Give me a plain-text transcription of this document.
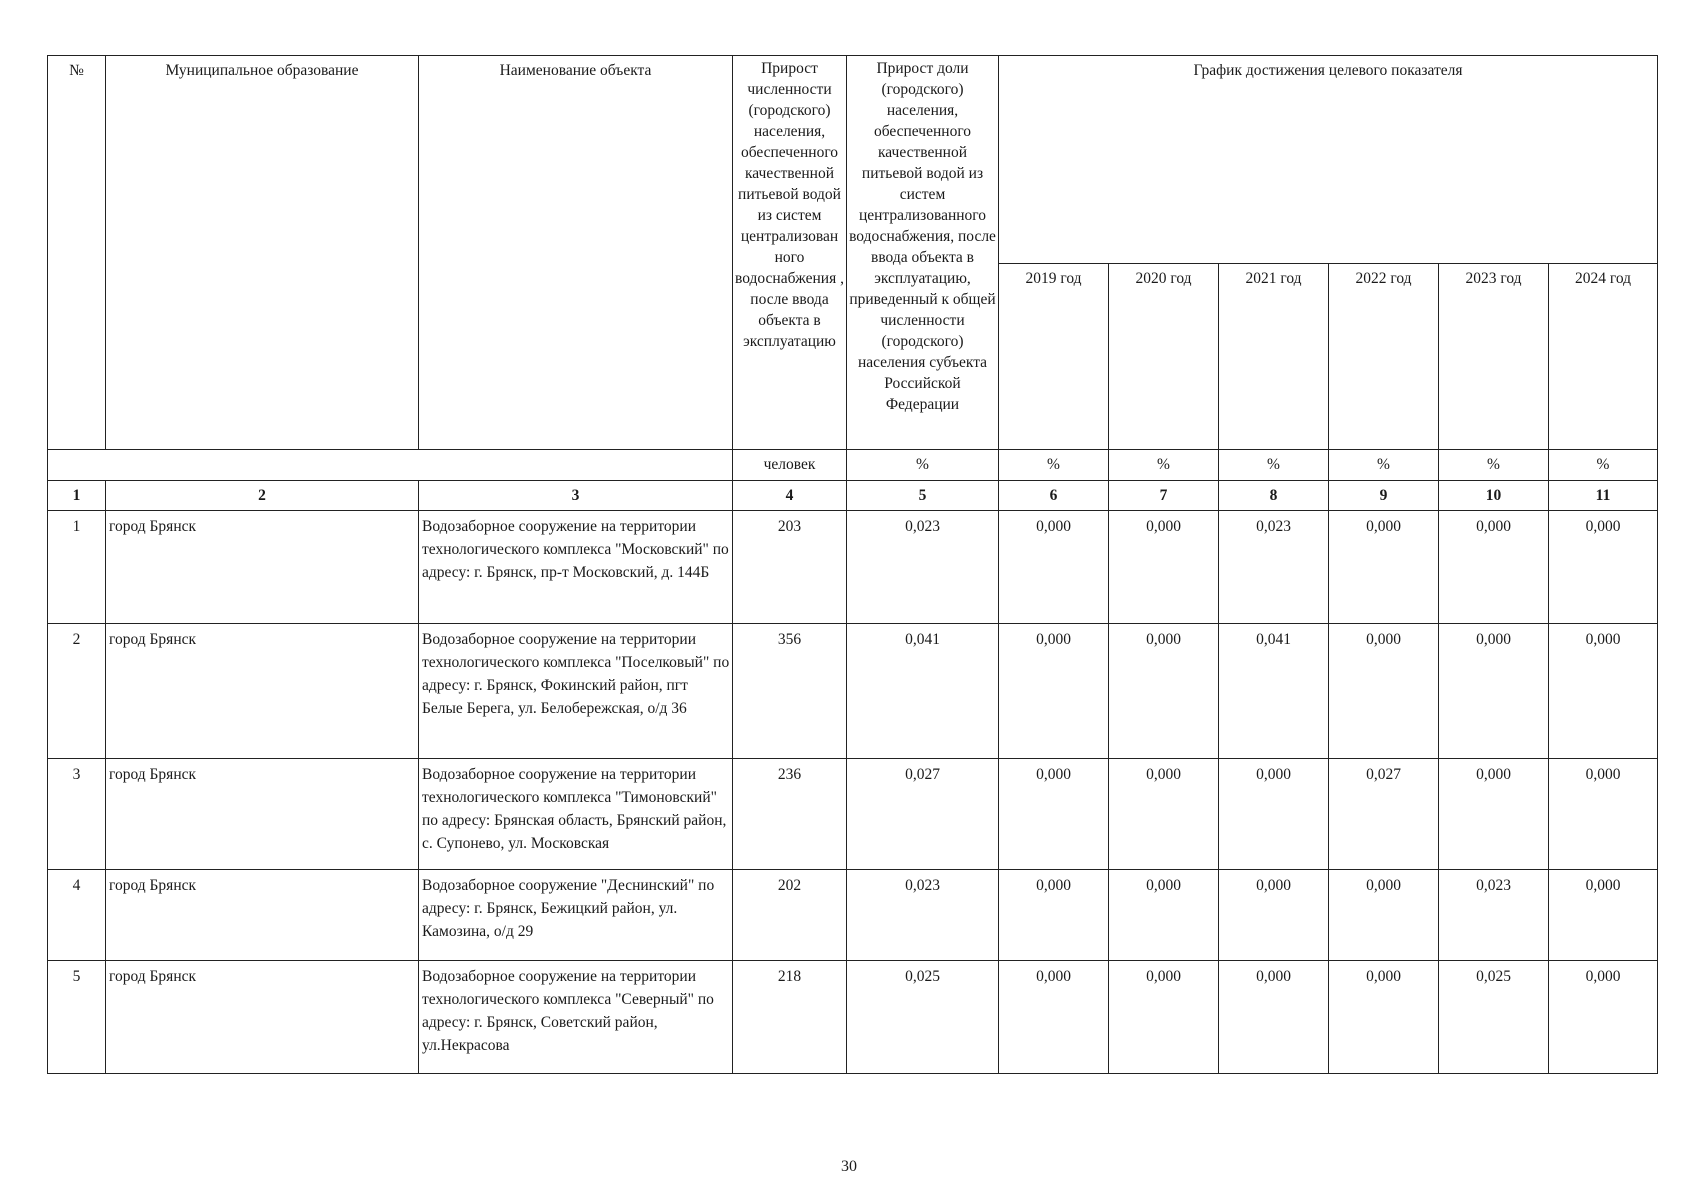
№	Муниципальное образование	Наименование объекта	Прирост численности (городского) населения, обеспеченного качественной питьевой водой из систем централизован ного водоснабжения , после ввода объекта в эксплуатацию	Прирост доли (городского) населения, обеспеченного качественной питьевой водой из систем централизованного водоснабжения, после ввода объекта в эксплуатацию, приведенный к общей численности (городского) населения субъекта Российской Федерации	График достижения целевого показателя					
					2019 год	2020 год	2021 год	2022 год	2023 год	2024 год
			человек	%	%	%	%	%	%	%
1	2	3	4	5	6	7	8	9	10	11
1	город Брянск	Водозаборное сооружение на территории технологического комплекса "Московский" по адресу: г. Брянск, пр-т Московский, д. 144Б	203	0,023	0,000	0,000	0,023	0,000	0,000	0,000
2	город Брянск	Водозаборное сооружение на территории технологического комплекса "Поселковый" по адресу: г. Брянск, Фокинский район, пгт Белые Берега, ул. Белобережская, о/д 36	356	0,041	0,000	0,000	0,041	0,000	0,000	0,000
3	город Брянск	Водозаборное сооружение на территории технологического комплекса "Тимоновский" по адресу: Брянская область, Брянский район, с. Супонево, ул. Московская	236	0,027	0,000	0,000	0,000	0,027	0,000	0,000
4	город Брянск	Водозаборное сооружение "Деснинский" по адресу: г. Брянск, Бежицкий район, ул. Камозина, о/д 29	202	0,023	0,000	0,000	0,000	0,000	0,023	0,000
5	город Брянск	Водозаборное сооружение на территории технологического комплекса "Северный" по адресу: г. Брянск, Советский район, ул.Некрасова	218	0,025	0,000	0,000	0,000	0,000	0,025	0,000
30
